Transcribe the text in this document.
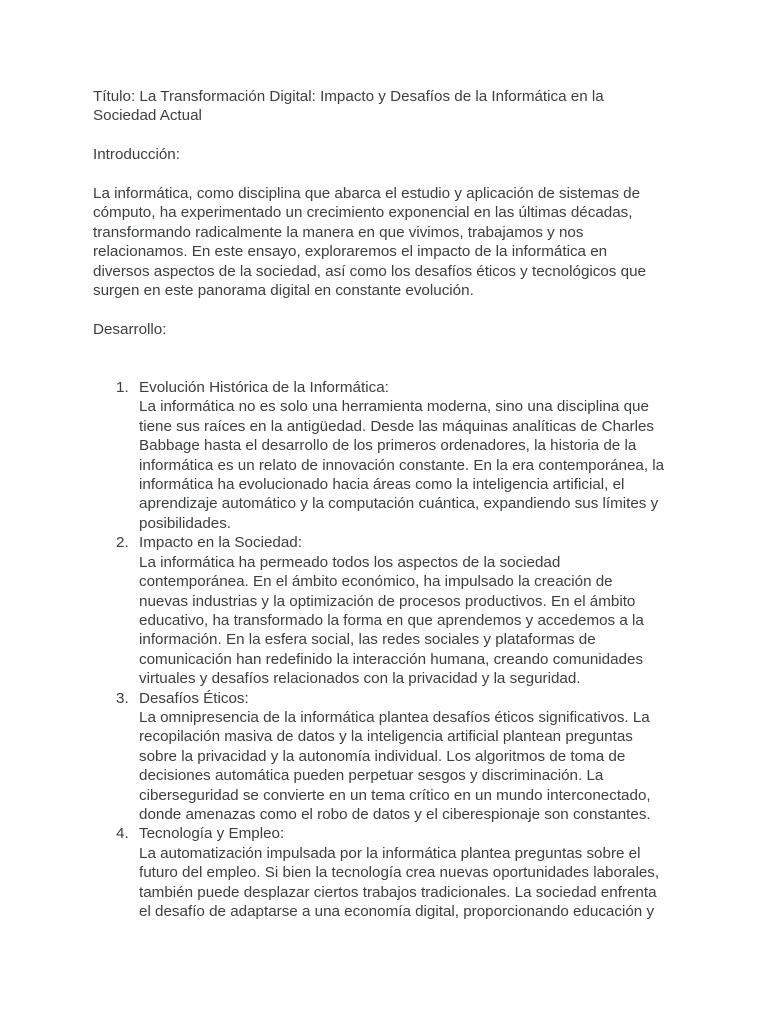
Título: La Transformación Digital: Impacto y Desafíos de la Informática en la Sociedad Actual

Introducción:

La informática, como disciplina que abarca el estudio y aplicación de sistemas de
cómputo, ha experimentado un crecimiento exponencial en las últimas décadas,
transformando radicalmente la manera en que vivimos, trabajamos y nos
relacionamos. En este ensayo, exploraremos el impacto de la informática en
diversos aspectos de la sociedad, así como los desafíos éticos y tecnológicos que
surgen en este panorama digital en constante evolución.

Desarrollo:

1. Evolución Histórica de la Informática:
La informática no es solo una herramienta moderna, sino una disciplina que
tiene sus raíces en la antigüedad. Desde las máquinas analíticas de Charles
Babbage hasta el desarrollo de los primeros ordenadores, la historia de la
informática es un relato de innovación constante. En la era contemporánea, la
informática ha evolucionado hacia áreas como la inteligencia artificial, el
aprendizaje automático y la computación cuántica, expandiendo sus límites y
posibilidades.
2. Impacto en la Sociedad:
La informática ha permeado todos los aspectos de la sociedad
contemporánea. En el ámbito económico, ha impulsado la creación de
nuevas industrias y la optimización de procesos productivos. En el ámbito
educativo, ha transformado la forma en que aprendemos y accedemos a la
información. En la esfera social, las redes sociales y plataformas de
comunicación han redefinido la interacción humana, creando comunidades
virtuales y desafíos relacionados con la privacidad y la seguridad.
3. Desafíos Éticos:
La omnipresencia de la informática plantea desafíos éticos significativos. La
recopilación masiva de datos y la inteligencia artificial plantean preguntas
sobre la privacidad y la autonomía individual. Los algoritmos de toma de
decisiones automática pueden perpetuar sesgos y discriminación. La
ciberseguridad se convierte en un tema crítico en un mundo interconectado,
donde amenazas como el robo de datos y el ciberespionaje son constantes.
4. Tecnología y Empleo:
La automatización impulsada por la informática plantea preguntas sobre el
futuro del empleo. Si bien la tecnología crea nuevas oportunidades laborales,
también puede desplazar ciertos trabajos tradicionales. La sociedad enfrenta
el desafío de adaptarse a una economía digital, proporcionando educación y
